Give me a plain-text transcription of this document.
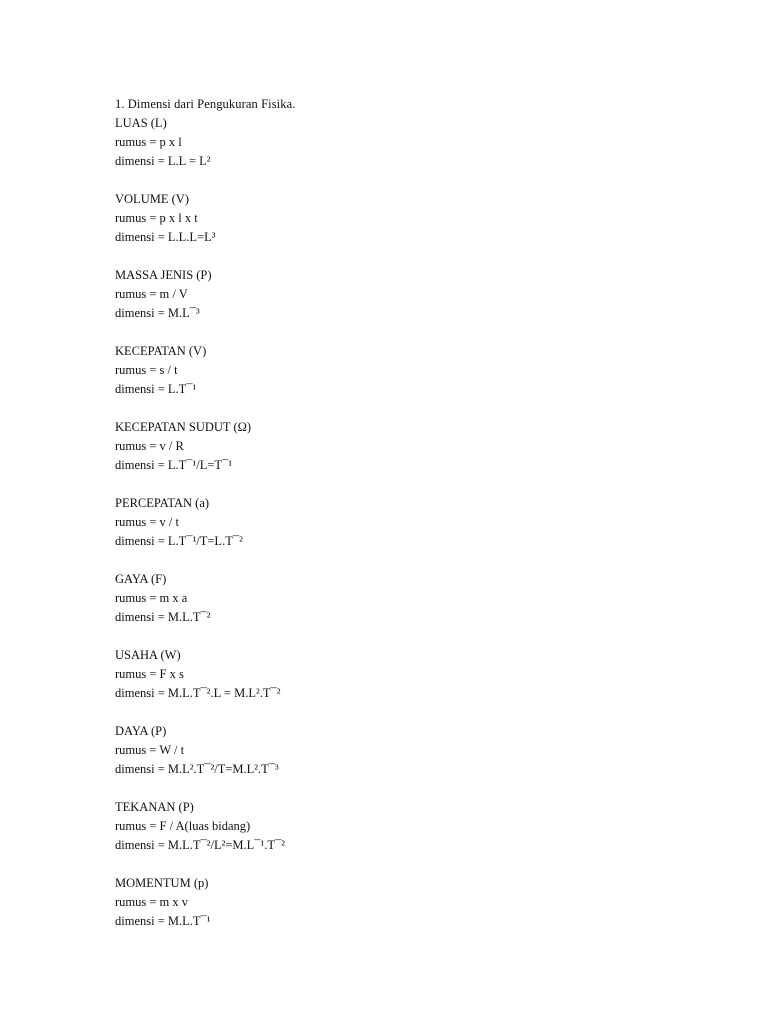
1. Dimensi dari Pengukuran Fisika.
LUAS (L)
rumus = p x l
dimensi = L.L = L²
VOLUME (V)
rumus = p x l x t
dimensi = L.L.L=L³
MASSA JENIS (P)
rumus = m / V
dimensi = M.L¯³
KECEPATAN (V)
rumus = s / t
dimensi = L.T¯¹
KECEPATAN SUDUT (Ω)
rumus = v / R
dimensi = L.T¯¹/L=T¯¹
PERCEPATAN (a)
rumus = v / t
dimensi = L.T¯¹/T=L.T¯²
GAYA (F)
rumus = m x a
dimensi = M.L.T¯²
USAHA (W)
rumus = F x s
dimensi = M.L.T¯².L = M.L².T¯²
DAYA (P)
rumus = W / t
dimensi = M.L².T¯²/T=M.L².T¯³
TEKANAN (P)
rumus = F / A(luas bidang)
dimensi = M.L.T¯²/L²=M.L¯¹.T¯²
MOMENTUM (p)
rumus = m x v
dimensi = M.L.T¯¹
